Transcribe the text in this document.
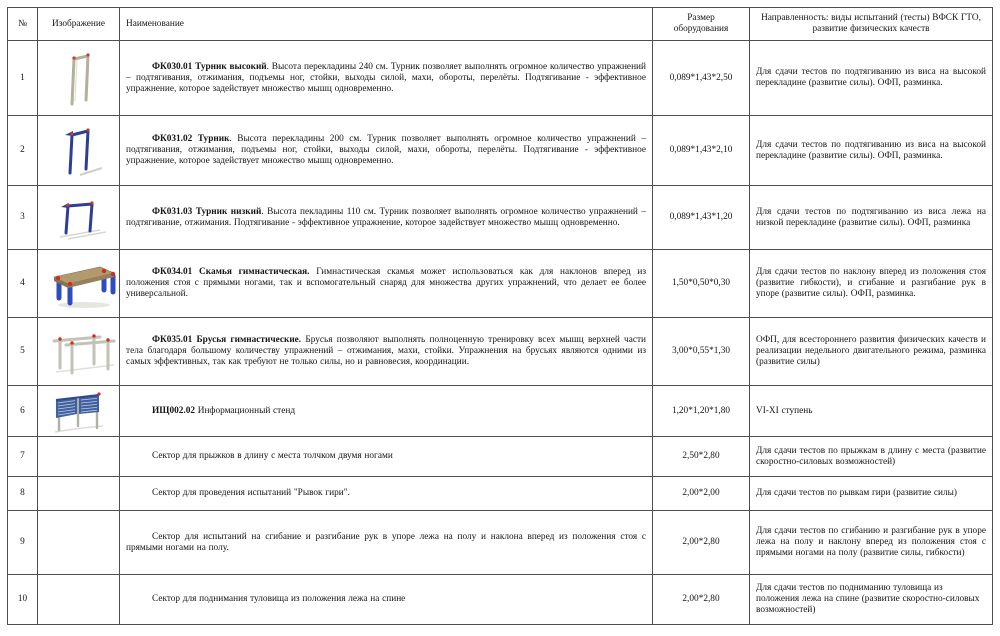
№	Изображение	Наименование	Размер оборудования	Направленность: виды испытаний (тесты) ВФСК ГТО, развитие физических качеств
1		ФК030.01 Турник высокий. Высота перекладины 240 см. Турник позволяет выполнять огромное количество упражнений – подтягивания, отжимания, подъемы ног, стойки, выходы силой, махи, обороты, перелёты. Подтягивание - эффективное упражнение, которое задействует множество мышц одновременно.	0,089*1,43*2,50	Для сдачи тестов по подтягиванию из виса на высокой перекладине (развитие силы). ОФП, разминка.
2		ФК031.02 Турник. Высота перекладины 200 см. Турник позволяет выполнять огромное количество упражнений – подтягивания, отжимания, подъемы ног, стойки, выходы силой, махи, обороты, перелёты. Подтягивание - эффективное упражнение, которое задействует множество мышц одновременно.	0,089*1,43*2,10	Для сдачи тестов по подтягиванию из виса на высокой перекладине (развитие силы). ОФП, разминка.
3		ФК031.03 Турник низкий. Высота пекладины 110 см. Турник позволяет выполнять огромное количество упражнений – подтягивание, отжимания. Подтягивание - эффективное упражнение, которое задействует множество мышц одновременно.	0,089*1,43*1,20	Для сдачи тестов по подтягиванию из виса лежа на низкой перекладине (развитие силы). ОФП, разминка
4		ФК034.01 Скамья гимнастическая. Гимнастическая скамья может использоваться как для наклонов вперед из положения стоя с прямыми ногами, так и вспомогательный снаряд для множества других упражнений, что делает ее более универсальной.	1,50*0,50*0,30	Для сдачи тестов по наклону вперед из положения стоя (развитие гибкости), и сгибание и разгибание рук в упоре (развитие силы). ОФП, разминка.
5		ФК035.01 Брусья гимнастические. Брусья позволяют выполнять полноценную тренировку всех мышц верхней части тела благодаря большому количеству упражнений – отжимания, махи, стойки. Упражнения на брусьях являются одними из самых эффективных, так как требуют не только силы, но и равновесия, координации.	3,00*0,55*1,30	ОФП, для всестороннего развития физических качеств и реализации недельного двигательного режима, разминка (развитие силы)
6		ИЩ002.02 Информационный стенд	1,20*1,20*1,80	VI-XI ступень
7		Сектор для прыжков в длину с места толчком двумя ногами	2,50*2,80	Для сдачи тестов по прыжкам в длину с места (развитие скоростно-силовых возможностей)
8		Сектор для проведения испытаний "Рывок гири".	2,00*2,00	Для сдачи тестов по рывкам гири (развитие силы)
9		Сектор для испытаний на сгибание и разгибание рук в упоре лежа на полу и наклона вперед из положения стоя с прямыми ногами на полу.	2,00*2,80	Для сдачи тестов по сгибанию и разгибание рук в упоре лежа на полу и наклону вперед из положения стоя с прямыми ногами на полу (развитие силы, гибкости)
10		Сектор для поднимания туловища из положения лежа на спине	2,00*2,80	Для сдачи тестов по подниманию туловища из положения лежа на спине (развитие скоростно-силовых возможностей)
